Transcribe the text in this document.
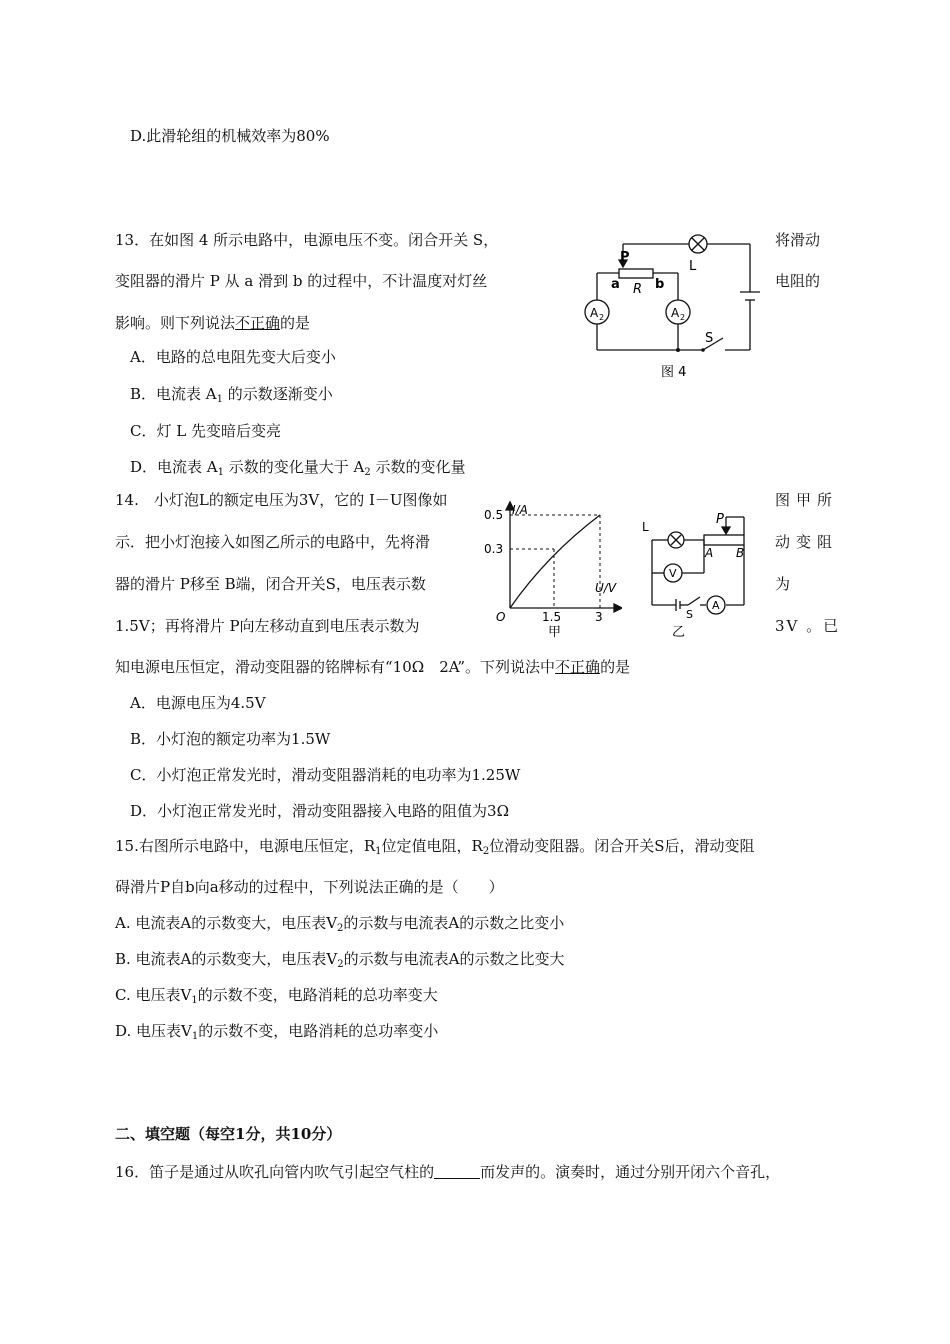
D.此滑轮组的机械效率为80%
13．在如图 4 所示电路中，电源电压不变。闭合开关 S，	将滑动
变阻器的滑片 P 从 a 滑到 b 的过程中，不计温度对灯丝	电阻的
影响。则下列说法不正确的是
A．电路的总电阻先变大后变小
B．电流表 $A_1$ 的示数逐渐变小
C．灯 L 先变暗后变亮
D．电流表 $A_1$ 示数的变化量大于 $A_2$ 示数的变化量
A 2	A 2
P
a R b
L
S
图 4
14.　小灯泡L的额定电压为3V，它的 I－U图像如	图甲所
示．把小灯泡接入如图乙所示的电路中，先将滑	动变阻
器的滑片 P移至 B端，闭合开关S，电压表示数	为
1.5V；再将滑片 P向左移动直到电压表示数为	3V 。已
知电源电压恒定，滑动变阻器的铭牌标有“10Ω　2A”。下列说法中不正确的是
A．电源电压为4.5V
B．小灯泡的额定功率为1.5W
C．小灯泡正常发光时，滑动变阻器消耗的电功率为1.25W
D．小灯泡正常发光时，滑动变阻器接入电路的阻值为3Ω
I/A
U/V
O
0.5
0.3
1.5	3
甲
L	P
A B
V
A
S
乙
15.右图所示电路中，电源电压恒定，$R_1$位定值电阻，$R_2$位滑动变阻器。闭合开关S后，滑动变阻
碍滑片P自b向a移动的过程中，下列说法正确的是（　　）
A. 电流表A的示数变大，电压表$V_2$的示数与电流表A的示数之比变小
B. 电流表A的示数变大，电压表$V_2$的示数与电流表A的示数之比变大
C. 电压表$V_1$的示数不变，电路消耗的总功率变大
D. 电压表$V_1$的示数不变，电路消耗的总功率变小
二、填空题（每空1分，共10分）
16．笛子是通过从吹孔向管内吹气引起空气柱的	而发声的。演奏时，通过分别开闭六个音孔，
